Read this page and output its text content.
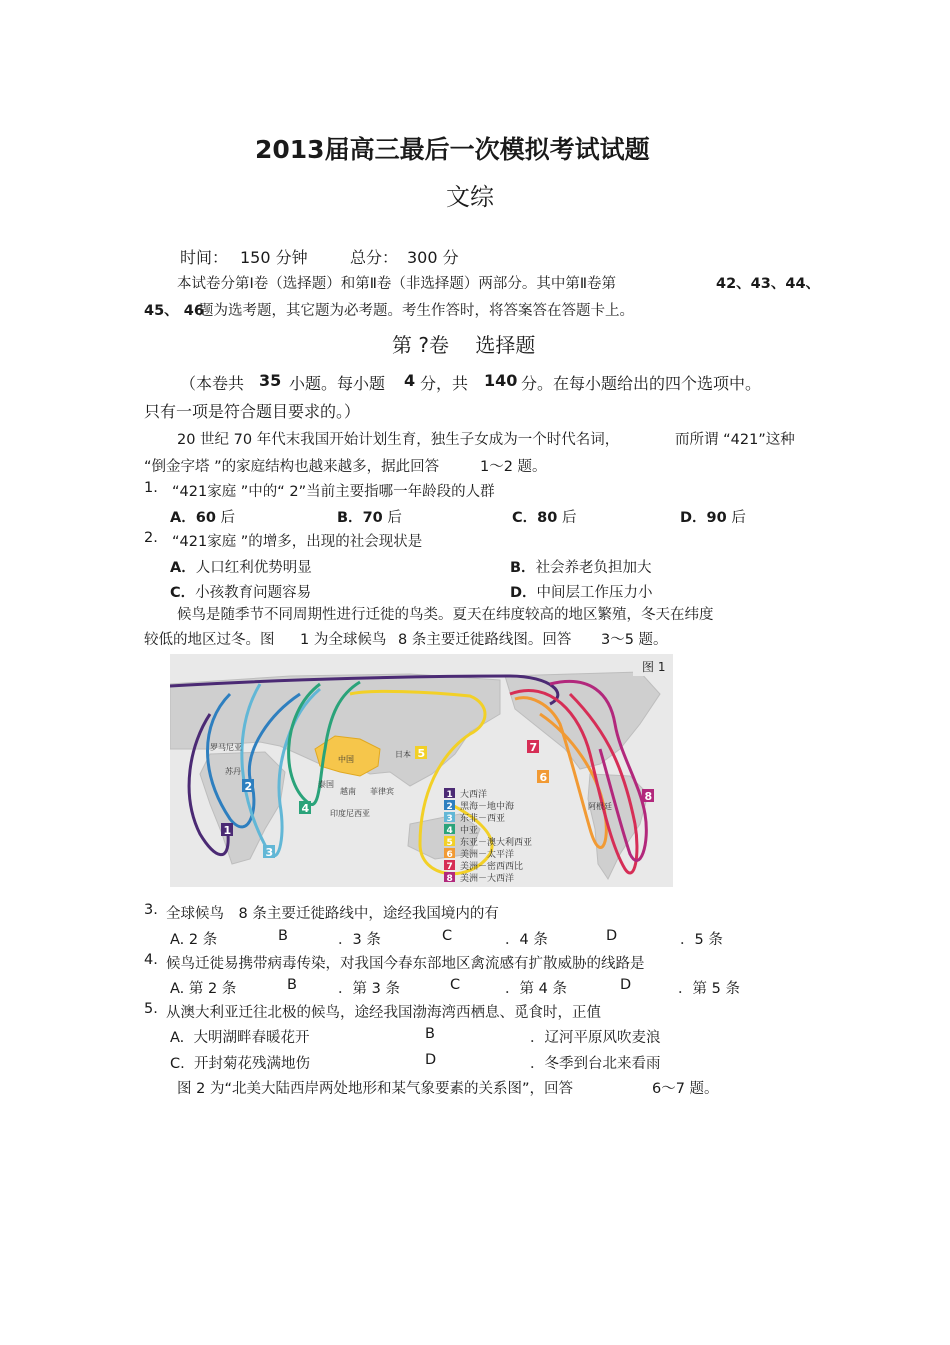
2013届高三最后一次模拟考试试题
文综
时间： 150 分钟	总分： 300 分
本试卷分第Ⅰ卷（选择题）和第Ⅱ卷（非选择题）两部分。其中第Ⅱ卷第	42、43、44、
45、 46
题为选考题，其它题为必考题。考生作答时，将答案答在答题卡上。
第 ?卷　 选择题
（本卷共 35 小题。每小题 4 分，共 140 分。在每小题给出的四个选项中。
只有一项是符合题目要求的。）
20 世纪 70 年代末我国开始计划生育，独生子女成为一个时代名词，	而所谓 “421”这种
“倒金字塔 ”的家庭结构也越来越多，据此回答	1～2 题。
1. “421家庭 ”中的“ 2”当前主要指哪一年龄段的人群
A．60 后	B．70 后	C．80 后	D．90 后
2. “421家庭 ”的增多，出现的社会现状是
A．人口红利优势明显	B．社会养老负担加大
C．小孩教育问题容易	D．中间层工作压力小
候鸟是随季节不同周期性进行迁徙的鸟类。夏天在纬度较高的地区繁殖，冬天在纬度
较低的地区过冬。图 1 为全球候鸟 8 条主要迁徙路线图。回答 3～5 题。
1
2
3
4
5
6
7
8
罗马尼亚
苏丹
中国
日本
泰国
越南 菲律宾
印度尼西亚
阿根廷
图 1
1 大西洋
2 黑海－地中海
3 东非－西亚
4 中亚
5 东亚－澳大利西亚
6 美洲－太平洋
7 美洲－密西西比
8 美洲－大西洋
3. 全球候鸟　8 条主要迁徙路线中，途经我国境内的有
A. 2 条	B	．3 条	C	．4 条	D	．5 条
4. 候鸟迁徙易携带病毒传染，对我国今春东部地区禽流感有扩散威胁的线路是
A. 第 2 条	B	．第 3 条	C	．第 4 条	D	．第 5 条
5. 从澳大利亚迁往北极的候鸟，途经我国渤海湾西栖息、觅食时，正值
A. 大明湖畔春暖花开	B	．辽河平原风吹麦浪
C. 开封菊花残满地伤	D	．冬季到台北来看雨
图 2 为“北美大陆西岸两处地形和某气象要素的关系图”，回答	6～7 题。
